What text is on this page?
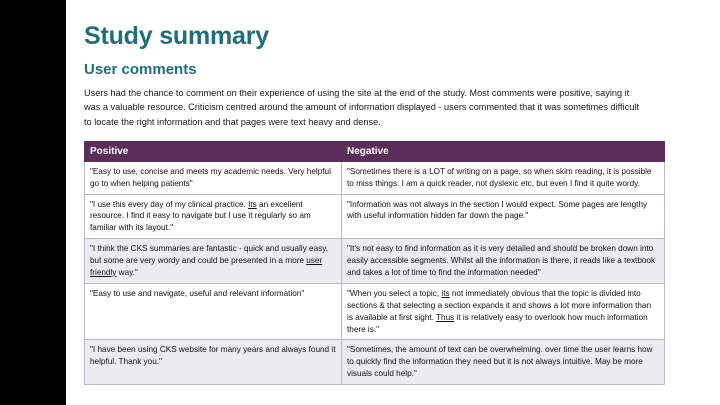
Study summary
User comments

Users had the chance to comment on their experience of using the site at the end of the study. Most comments were positive, saying it was a valuable resource. Criticism centred around the amount of information displayed - users commented that it was sometimes difficult to locate the right information and that pages were text heavy and dense.

Positive	Negative
"Easy to use, concise and meets my academic needs. Very helpful go to when helping patients"	"Sometimes there is a LOT of writing on a page, so when skim reading, it is possible to miss things. I am a quick reader, not dyslexic etc, but even I find it quite wordy.
"I use this every day of my clinical practice. Its an excellent resource. I find it easy to navigate but I use it regularly so am familiar with its layout."	"Information was not always in the section I would expect. Some pages are lengthy with useful information hidden far down the page."
"I think the CKS summaries are fantastic - quick and usually easy, but some are very wordy and could be presented in a more user friendly way."	"It's not easy to find information as it is very detailed and should be broken down into easily accessible segments. Whilst all the information is there, it reads like a textbook and takes a lot of time to find the information needed"
"Easy to use and navigate, useful and relevant information"	"When you select a topic, its not immediately obvious that the topic is divided into sections & that selecting a section expands it and shows a lot more information than is available at first sight. Thus it is relatively easy to overlook how much information there is."
"I have been using CKS website for many years and always found it helpful. Thank you."	"Sometimes, the amount of text can be overwhelming. over time the user learns how to quickly find the information they need but it is not always intuitive. May be more visuals could help."
